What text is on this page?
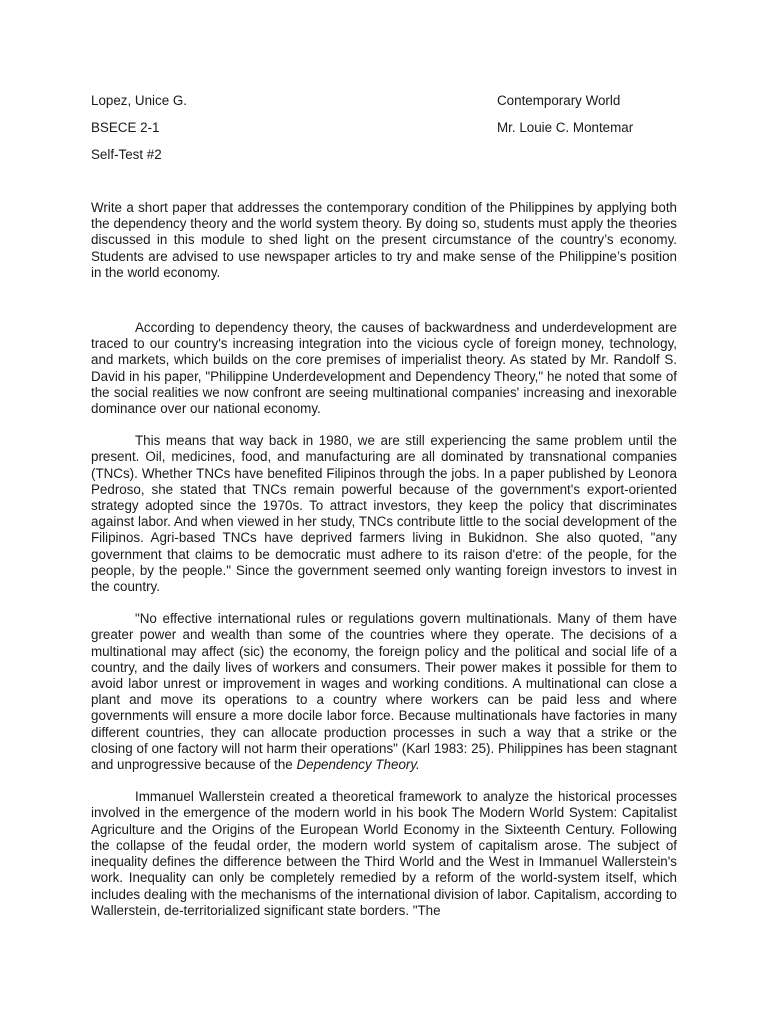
Lopez, Unice G.	Contemporary World
BSECE 2-1	Mr. Louie C. Montemar
Self-Test #2

Write a short paper that addresses the contemporary condition of the Philippines by applying both the dependency theory and the world system theory. By doing so, students must apply the theories discussed in this module to shed light on the present circumstance of the country’s economy. Students are advised to use newspaper articles to try and make sense of the Philippine’s position in the world economy.

According to dependency theory, the causes of backwardness and underdevelopment are traced to our country's increasing integration into the vicious cycle of foreign money, technology, and markets, which builds on the core premises of imperialist theory. As stated by Mr. Randolf S. David in his paper, "Philippine Underdevelopment and Dependency Theory," he noted that some of the social realities we now confront are seeing multinational companies' increasing and inexorable dominance over our national economy.

This means that way back in 1980, we are still experiencing the same problem until the present. Oil, medicines, food, and manufacturing are all dominated by transnational companies (TNCs). Whether TNCs have benefited Filipinos through the jobs. In a paper published by Leonora Pedroso, she stated that TNCs remain powerful because of the government's export-oriented strategy adopted since the 1970s. To attract investors, they keep the policy that discriminates against labor. And when viewed in her study, TNCs contribute little to the social development of the Filipinos. Agri-based TNCs have deprived farmers living in Bukidnon. She also quoted, "any government that claims to be democratic must adhere to its raison d'etre: of the people, for the people, by the people." Since the government seemed only wanting foreign investors to invest in the country.

"No effective international rules or regulations govern multinationals. Many of them have greater power and wealth than some of the countries where they operate. The decisions of a multinational may affect (sic) the economy, the foreign policy and the political and social life of a country, and the daily lives of workers and consumers. Their power makes it possible for them to avoid labor unrest or improvement in wages and working conditions. A multinational can close a plant and move its operations to a country where workers can be paid less and where governments will ensure a more docile labor force. Because multinationals have factories in many different countries, they can allocate production processes in such a way that a strike or the closing of one factory will not harm their operations" (Karl 1983: 25). Philippines has been stagnant and unprogressive because of the Dependency Theory.

Immanuel Wallerstein created a theoretical framework to analyze the historical processes involved in the emergence of the modern world in his book The Modern World System: Capitalist Agriculture and the Origins of the European World Economy in the Sixteenth Century. Following the collapse of the feudal order, the modern world system of capitalism arose. The subject of inequality defines the difference between the Third World and the West in Immanuel Wallerstein's work. Inequality can only be completely remedied by a reform of the world-system itself, which includes dealing with the mechanisms of the international division of labor. Capitalism, according to Wallerstein, de-territorialized significant state borders. "The
